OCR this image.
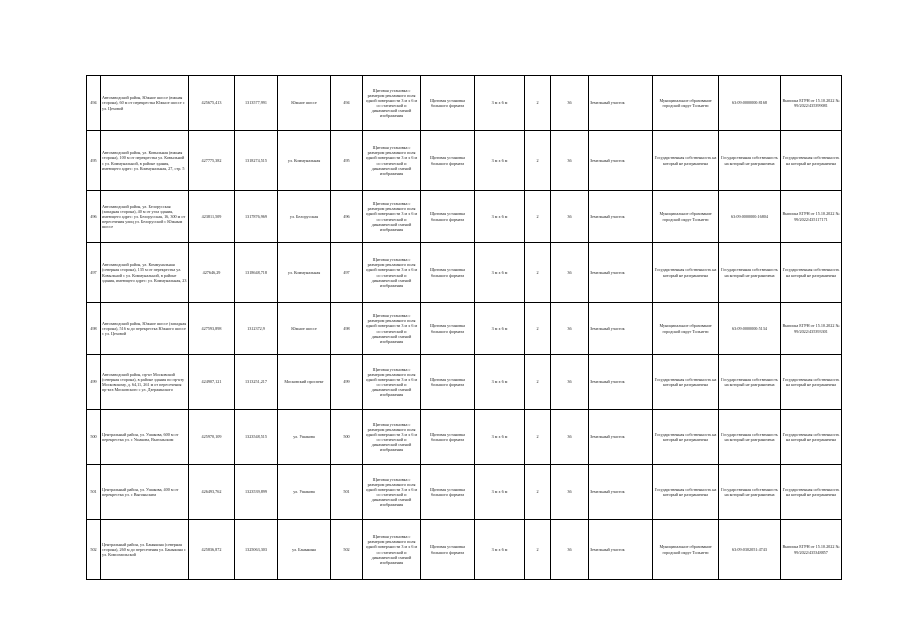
494	Автозаводский район, Южное шоссе (южная сторона), 60 м от перекрестка Южное шоссе с ул. Цеховой	425675,413	1313577,991	Южное шоссе	494	Щитовая установка с размером рекламного поля одной поверхности 3 м х 6 м со статической и динамической сменой изображения	Щитовая установка большого формата	3 м х 6 м	2	36	Земельный участок	Муниципальное образование городской округ Тольятти	63:09:0000000:8168	Выписка ЕГРН от 15.10.2022 № 99/2022/435399081
495	Автозаводский район, ул. Ковыльная (южная сторона), 100 м от перекрестка ул. Ковыльной с ул. Коммунальной, в районе здания, имеющего адрес: ул. Коммунальная, 27, стр. 5	427775,382	1318274,515	ул. Коммунальная	495	Щитовая установка с размером рекламного поля одной поверхности 3 м х 6 м со статической и динамической сменой изображения	Щитовая установка большого формата	3 м х 6 м	2	36	Земельный участок	Государственная собственность на который не разграничена	Государственная собственность на который не разграничена	Государственная собственность на который не разграничена
496	Автозаводский район, ул. Белорусская (западная сторона), 40 м от угла здания, имеющего адрес: ул. Белорусская, 16, 300 м от пересечения улиц ул. Белорусской с Южным шоссе	423811,509	1317876,969	ул. Белорусская	496	Щитовая установка с размером рекламного поля одной поверхности 3 м х 6 м со статической и динамической сменой изображения	Щитовая установка большого формата	3 м х 6 м	2	36	Земельный участок	Муниципальное образование городской округ Тольятти	63:09:0000000:16804	Выписка ЕГРН от 15.10.2022 № 99/2022/435117171
497	Автозаводский район, ул. Коммунальная (северная сторона), 135 м от перекрестка ул. Ковыльной с ул. Коммунальной, в районе здания, имеющего адрес: ул. Коммунальная, 23	427646,29	1318648,718	ул. Коммунальная	497	Щитовая установка с размером рекламного поля одной поверхности 3 м х 6 м со статической и динамической сменой изображения	Щитовая установка большого формата	3 м х 6 м	2	36	Земельный участок	Государственная собственность на который не разграничена	Государственная собственность на который не разграничена	Государственная собственность на который не разграничена
498	Автозаводский район, Южное шоссе (западная сторона), 516 м до перекрестка Южного шоссе с ул. Цеховой	427593,898	1312372,9	Южное шоссе	498	Щитовая установка с размером рекламного поля одной поверхности 3 м х 6 м со статической и динамической сменой изображения	Щитовая установка большого формата	3 м х 6 м	2	36	Земельный участок	Муниципальное образование городской округ Тольятти	63:09:0000000:5134	Выписка ЕГРН от 15.10.2022 № 99/2022/435393301
499	Автозаводский район, пр-кт Московский (северная сторона), в районе здания по пр-кту Московскому, д. 64,11, 261 м от пересечения пр-кта Московского с ул. Дзержинского	424907,121	1313251,217	Московский проспект	499	Щитовая установка с размером рекламного поля одной поверхности 3 м х 6 м со статической и динамической сменой изображения	Щитовая установка большого формата	3 м х 6 м	2	36	Земельный участок	Государственная собственность на который не разграничена	Государственная собственность на который не разграничена	Государственная собственность на который не разграничена
500	Центральный район, ул. Ушакова, 600 м от перекрестка ул. с Ушакова, Выгоньским	425970,109	1323548,515	ул. Ушакова	500	Щитовая установка с размером рекламного поля одной поверхности 3 м х 6 м со статической и динамической сменой изображения	Щитовая установка большого формата	3 м х 6 м	2	36	Земельный участок	Государственная собственность на который не разграничена	Государственная собственность на который не разграничена	Государственная собственность на который не разграничена
501	Центральный район, ул. Ушакова, 400 м от перекрестка ул. с Выгоньским	426493,762	1323539,899	ул. Ушакова	501	Щитовая установка с размером рекламного поля одной поверхности 3 м х 6 м со статической и динамической сменой изображения	Щитовая установка большого формата	3 м х 6 м	2	36	Земельный участок	Государственная собственность на который не разграничена	Государственная собственность на который не разграничена	Государственная собственность на который не разграничена
502	Центральный район, ул. Баныкина (северная сторона), 260 м до пересечения ул. Баныкина с ул. Комсомольской	425836,872	1325063,303	ул. Баныкина	502	Щитовая установка с размером рекламного поля одной поверхности 3 м х 6 м со статической и динамической сменой изображения	Щитовая установка большого формата	3 м х 6 м	2	36	Земельный участок	Муниципальное образование городской округ Тольятти	63:09:0302051:4743	Выписка ЕГРН от 15.10.2022 № 99/2022/435348857
